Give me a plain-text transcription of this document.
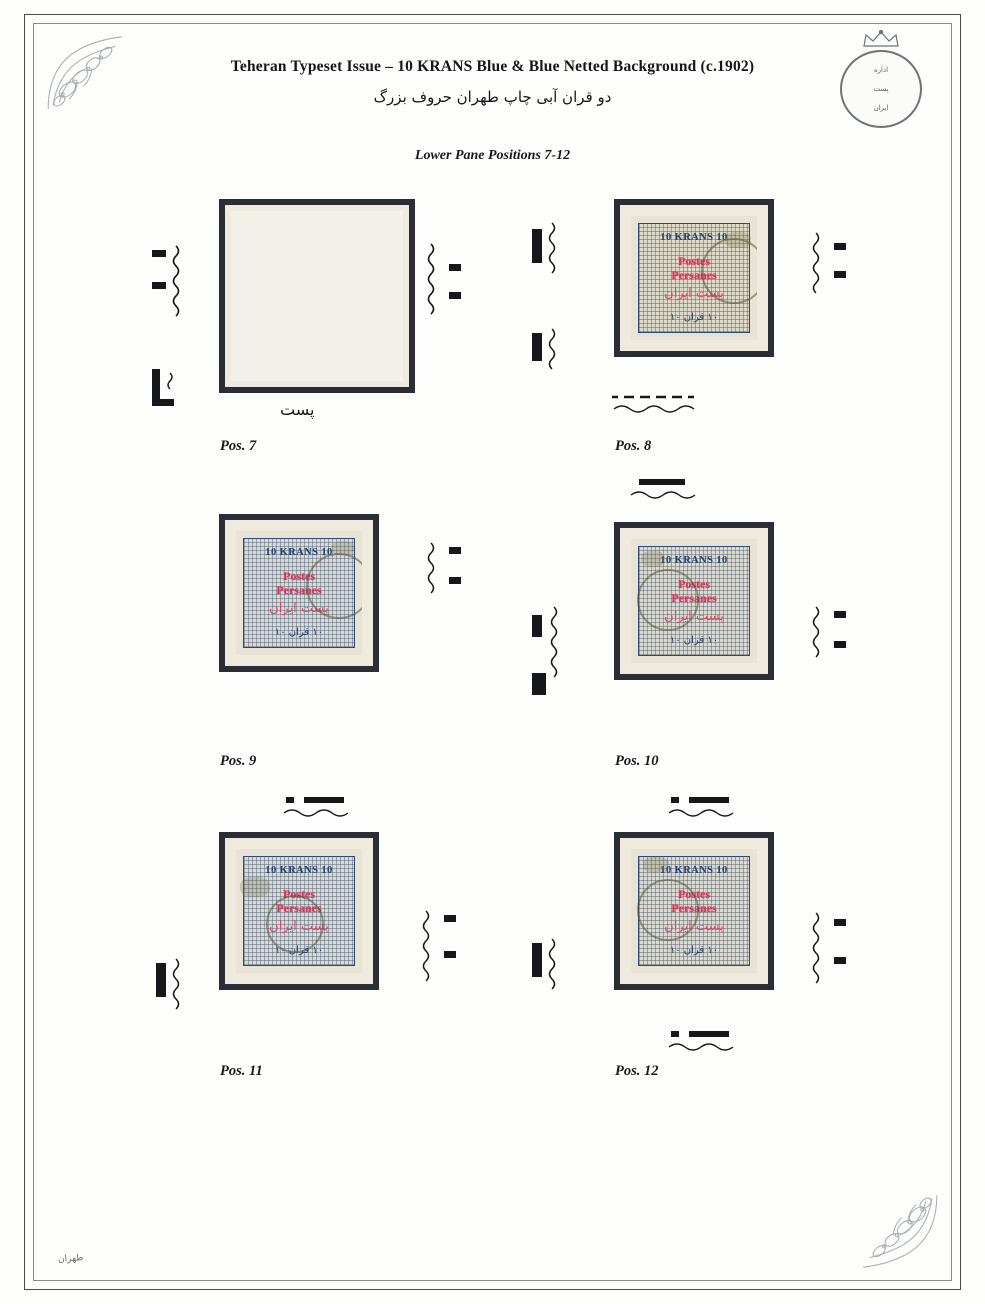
اداره
پست
ایران
Teheran Typeset Issue – 10 KRANS Blue & Blue Netted Background (c.1902)
دو قران آبی چاپ طهران حروف بزرگ
Lower Pane Positions 7-12
پست
Pos. 7
10 KRANS 10
Postes
Persanes
پست ایران
١٠ قران ١٠
Pos. 8
10 KRANS 10
Postes
Persanes
پست ایران
١٠ قران ١٠
Pos. 9
10 KRANS 10
Postes
Persanes
پست ایران
١٠ قران ١٠
Pos. 10
10 KRANS 10
Postes
Persanes
پست ایران
١٠ قران ١٠
Pos. 11
10 KRANS 10
Postes
Persanes
پست ایران
١٠ قران ١٠
Pos. 12
طهران
